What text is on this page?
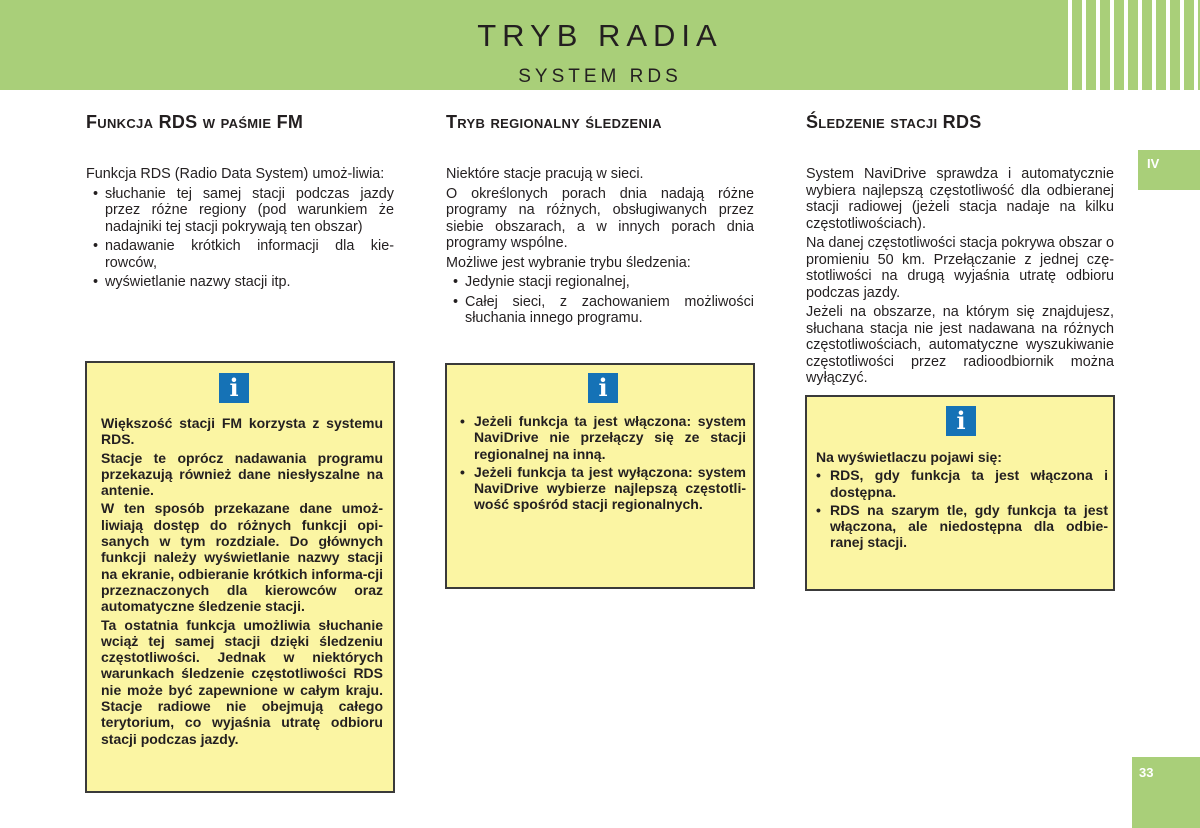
TRYB RADIA
SYSTEM RDS
IV
33
Funkcja RDS w paśmie FM

Funkcja RDS (Radio Data System) umoż-liwia:

• słuchanie tej samej stacji podczas jazdy przez różne regiony (pod warunkiem że nadajniki tej stacji pokrywają ten obszar)
• nadawanie krótkich informacji dla kie-rowców,
• wyświetlanie nazwy stacji itp.
i

Większość stacji FM korzysta z systemu RDS.

Stacje te oprócz nadawania programu przekazują również dane niesłyszalne na antenie.

W ten sposób przekazane dane umoż-liwiają dostęp do różnych funkcji opi-sanych w tym rozdziale. Do głównych funkcji należy wyświetlanie nazwy stacji na ekranie, odbieranie krótkich informa-cji przeznaczonych dla kierowców oraz automatyczne śledzenie stacji.

Ta ostatnia funkcja umożliwia słuchanie wciąż tej samej stacji dzięki śledzeniu częstotliwości. Jednak w niektórych warunkach śledzenie częstotliwości RDS nie może być zapewnione w całym kraju. Stacje radiowe nie obejmują całego terytorium, co wyjaśnia utratę odbioru stacji podczas jazdy.

Tryb regionalny śledzenia

Niektóre stacje pracują w sieci.

O określonych porach dnia nadają różne programy na różnych, obsługiwanych przez siebie obszarach, a w innych porach dnia programy wspólne.

Możliwe jest wybranie trybu śledzenia:

• Jedynie stacji regionalnej,
• Całej sieci, z zachowaniem możliwości słuchania innego programu.
i
• Jeżeli funkcja ta jest włączona: system NaviDrive nie przełączy się ze stacji regionalnej na inną.
• Jeżeli funkcja ta jest wyłączona: system NaviDrive wybierze najlepszą częstotli-wość spośród stacji regionalnych.
Śledzenie stacji RDS

System NaviDrive sprawdza i automatycznie wybiera najlepszą częstotliwość dla odbieranej stacji radiowej (jeżeli stacja nadaje na kilku częstotliwościach).

Na danej częstotliwości stacja pokrywa obszar o promieniu 50 km. Przełączanie z jednej czę-stotliwości na drugą wyjaśnia utratę odbioru podczas jazdy.

Jeżeli na obszarze, na którym się znajdujesz, słuchana stacja nie jest nadawana na różnych częstotliwościach, automatyczne wyszukiwanie częstotliwości przez radioodbiornik można wyłączyć.

i

Na wyświetlaczu pojawi się:

• RDS, gdy funkcja ta jest włączona i dostępna.
• RDS na szarym tle, gdy funkcja ta jest włączona, ale niedostępna dla odbie-ranej stacji.
